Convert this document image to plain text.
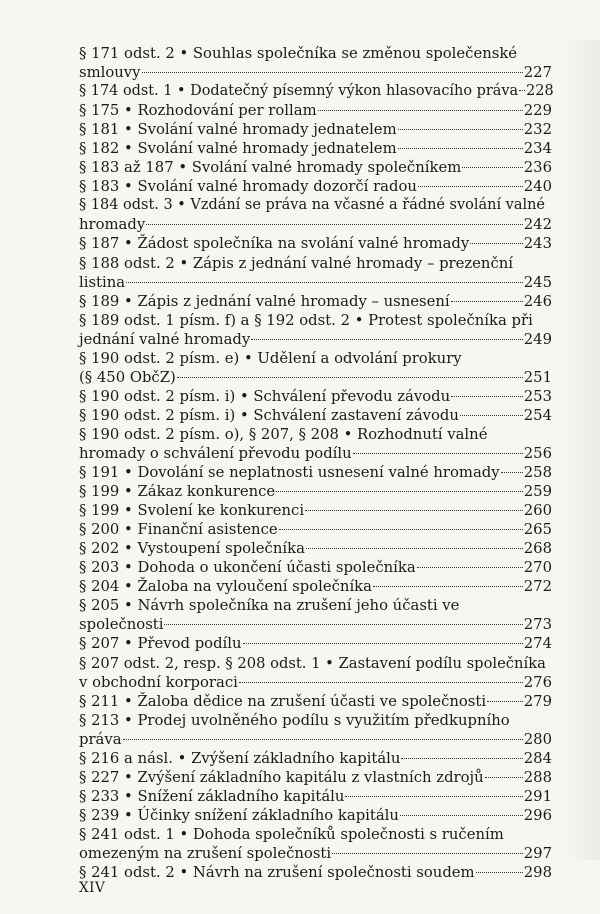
§ 171 odst. 2 • Souhlas společníka se změnou společenské
smlouvy	227
§ 174 odst. 1 • Dodatečný písemný výkon hlasovacího práva 228
§ 175 • Rozhodování per rollam	229
§ 181 • Svolání valné hromady jednatelem	232
§ 182 • Svolání valné hromady jednatelem	234
§ 183 až 187 • Svolání valné hromady společníkem	236
§ 183 • Svolání valné hromady dozorčí radou	240
§ 184 odst. 3 • Vzdání se práva na včasné a řádné svolání valné
hromady	242
§ 187 • Žádost společníka na svolání valné hromady	243
§ 188 odst. 2 • Zápis z jednání valné hromady – prezenční
listina	245
§ 189 • Zápis z jednání valné hromady – usnesení	246
§ 189 odst. 1 písm. f) a § 192 odst. 2 • Protest společníka při
jednání valné hromady	249
§ 190 odst. 2 písm. e) • Udělení a odvolání prokury
(§ 450 ObčZ)	251
§ 190 odst. 2 písm. i) • Schválení převodu závodu	253
§ 190 odst. 2 písm. i) • Schválení zastavení závodu	254
§ 190 odst. 2 písm. o), § 207, § 208 • Rozhodnutí valné
hromady o schválení převodu podílu	256
§ 191 • Dovolání se neplatnosti usnesení valné hromady 258
§ 199 • Zákaz konkurence	259
§ 199 • Svolení ke konkurenci	260
§ 200 • Finanční asistence	265
§ 202 • Vystoupení společníka	268
§ 203 • Dohoda o ukončení účasti společníka	270
§ 204 • Žaloba na vyloučení společníka	272
§ 205 • Návrh společníka na zrušení jeho účasti ve
společnosti	273
§ 207 • Převod podílu	274
§ 207 odst. 2, resp. § 208 odst. 1 • Zastavení podílu společníka
v obchodní korporaci	276
§ 211 • Žaloba dědice na zrušení účasti ve společnosti	279
§ 213 • Prodej uvolněného podílu s využitím předkupního
práva	280
§ 216 a násl. • Zvýšení základního kapitálu	284
§ 227 • Zvýšení základního kapitálu z vlastních zdrojů	288
§ 233 • Snížení základního kapitálu	291
§ 239 • Účinky snížení základního kapitálu	296
§ 241 odst. 1 • Dohoda společníků společnosti s ručením
omezeným na zrušení společnosti	297
§ 241 odst. 2 • Návrh na zrušení společnosti soudem	298
XIV
